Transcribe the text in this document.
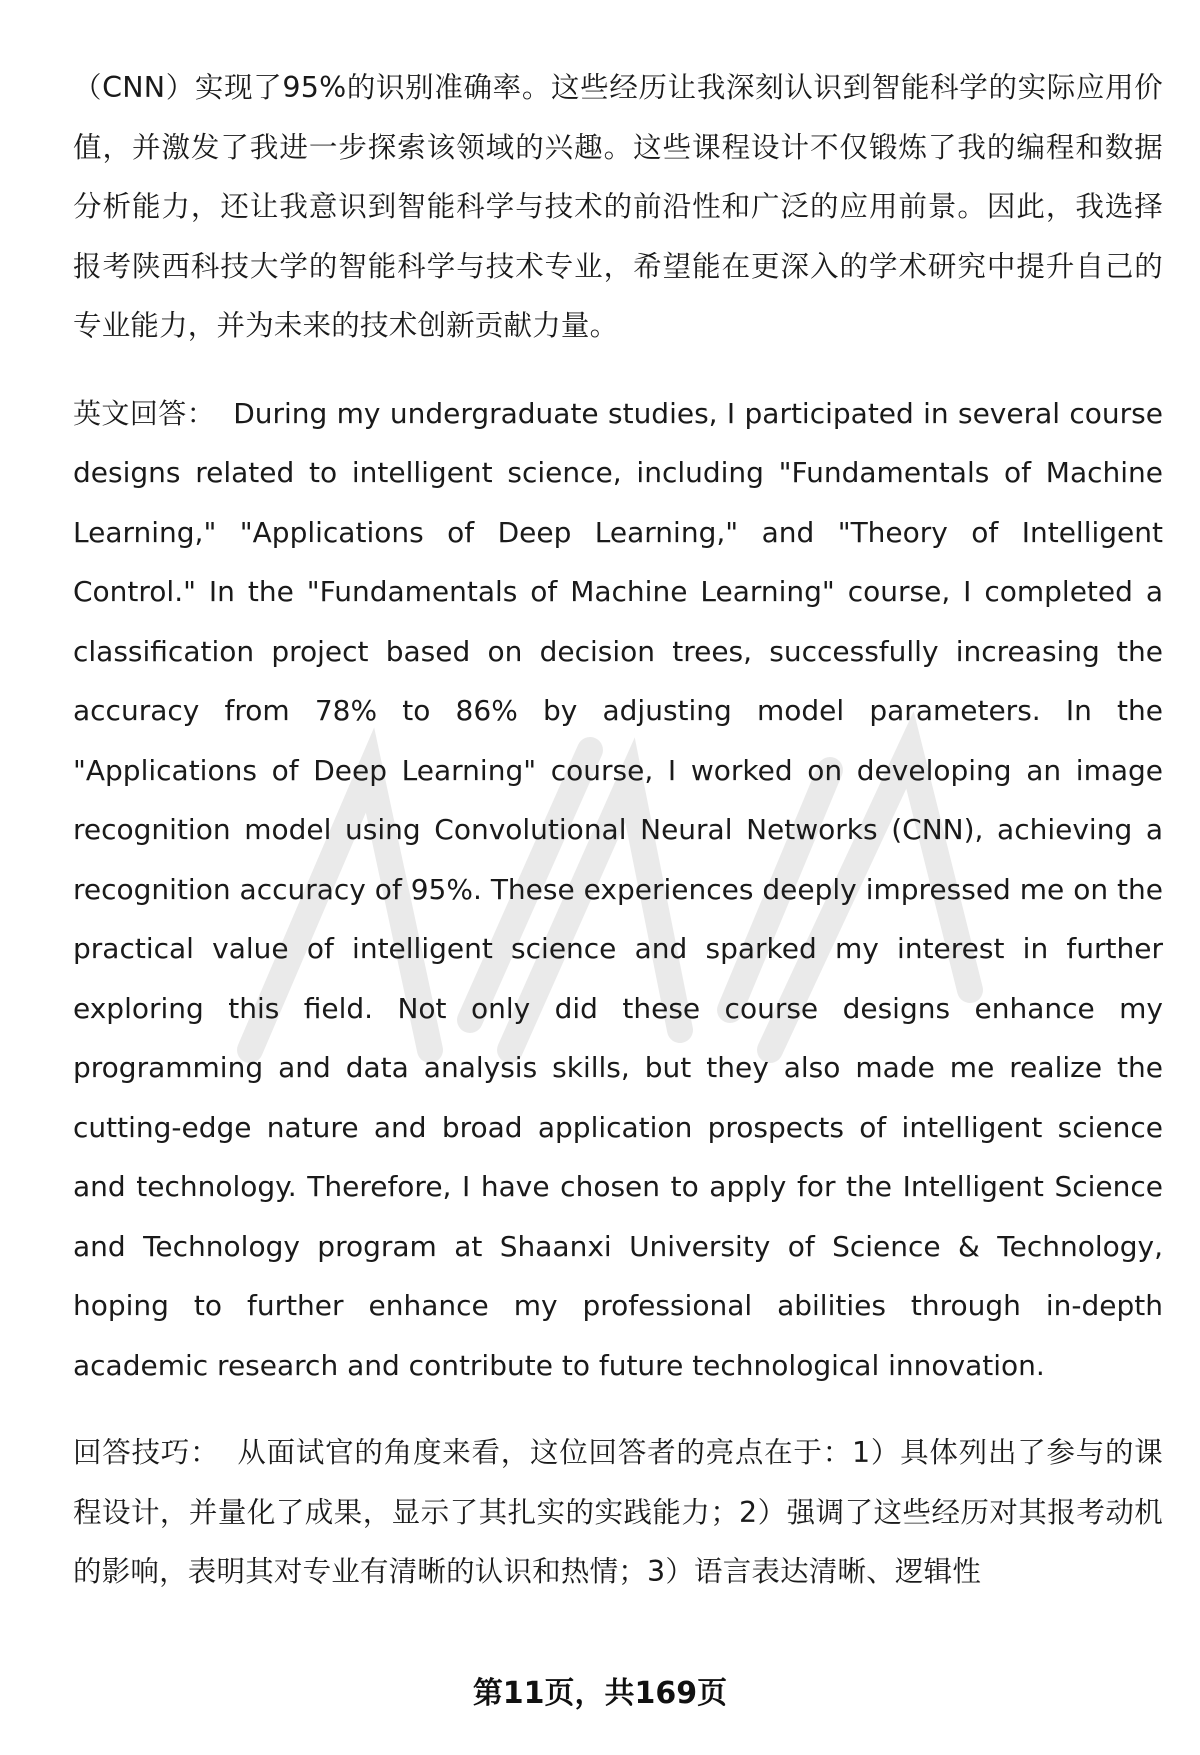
（CNN）实现了95%的识别准确率。这些经历让我深刻认识到智能科学的实际应用价值，并激发了我进一步探索该领域的兴趣。这些课程设计不仅锻炼了我的编程和数据分析能力，还让我意识到智能科学与技术的前沿性和广泛的应用前景。因此，我选择报考陕西科技大学的智能科学与技术专业，希望能在更深入的学术研究中提升自己的专业能力，并为未来的技术创新贡献力量。

英文回答： During my undergraduate studies, I participated in several course designs related to intelligent science, including "Fundamentals of Machine Learning," "Applications of Deep Learning," and "Theory of Intelligent Control." In the "Fundamentals of Machine Learning" course, I completed a classification project based on decision trees, successfully increasing the accuracy from 78% to 86% by adjusting model parameters. In the "Applications of Deep Learning" course, I worked on developing an image recognition model using Convolutional Neural Networks (CNN), achieving a recognition accuracy of 95%. These experiences deeply impressed me on the practical value of intelligent science and sparked my interest in further exploring this field. Not only did these course designs enhance my programming and data analysis skills, but they also made me realize the cutting-edge nature and broad application prospects of intelligent science and technology. Therefore, I have chosen to apply for the Intelligent Science and Technology program at Shaanxi University of Science & Technology, hoping to further enhance my professional abilities through in-depth academic research and contribute to future technological innovation.

回答技巧： 从面试官的角度来看，这位回答者的亮点在于：1）具体列出了参与的课程设计，并量化了成果，显示了其扎实的实践能力；2）强调了这些经历对其报考动机的影响，表明其对专业有清晰的认识和热情；3）语言表达清晰、逻辑性

第11页，共169页
